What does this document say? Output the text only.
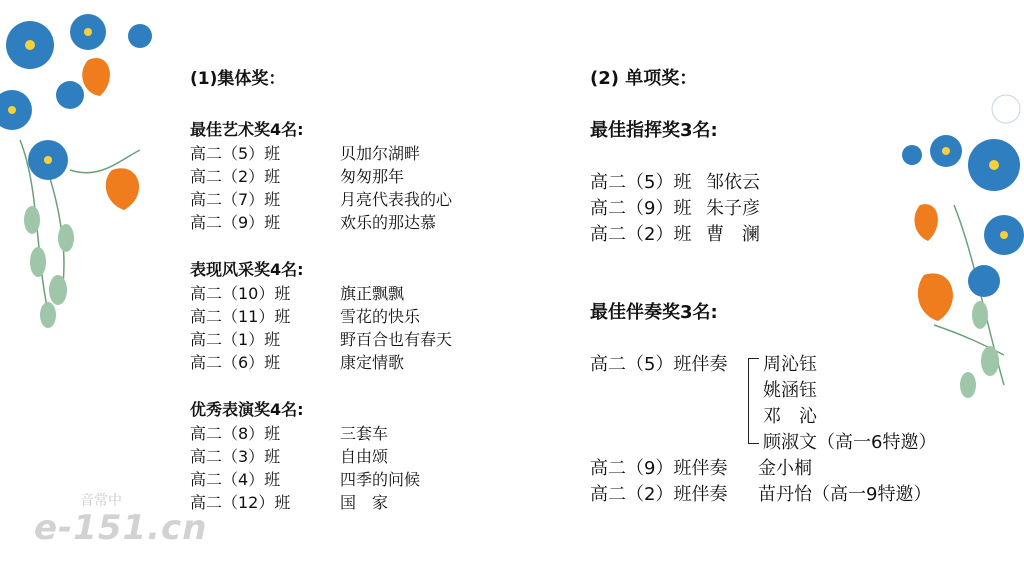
音常中
e-151.cn
(1)集体奖：
最佳艺术奖4名:
高二（5）班	贝加尔湖畔
高二（2）班	匆匆那年
高二（7）班	月亮代表我的心
高二（9）班	欢乐的那达慕
表现风采奖4名:
高二（10）班	旗正飘飘
高二（11）班	雪花的快乐
高二（1）班	野百合也有春天
高二（6）班	康定情歌
优秀表演奖4名:
高二（8）班	三套车
高二（3）班	自由颂
高二（4）班	四季的问候
高二（12）班	国　家
(2) 单项奖：
最佳指挥奖3名:
高二（5）班 邹依云
高二（9）班 朱子彦
高二（2）班 曹　澜
最佳伴奏奖3名:
高二（5）班伴奏	周沁钰
姚涵钰
邓　沁
顾淑文（高一6特邀）
高二（9）班伴奏	金小桐
高二（2）班伴奏	苗丹怡（高一9特邀）
